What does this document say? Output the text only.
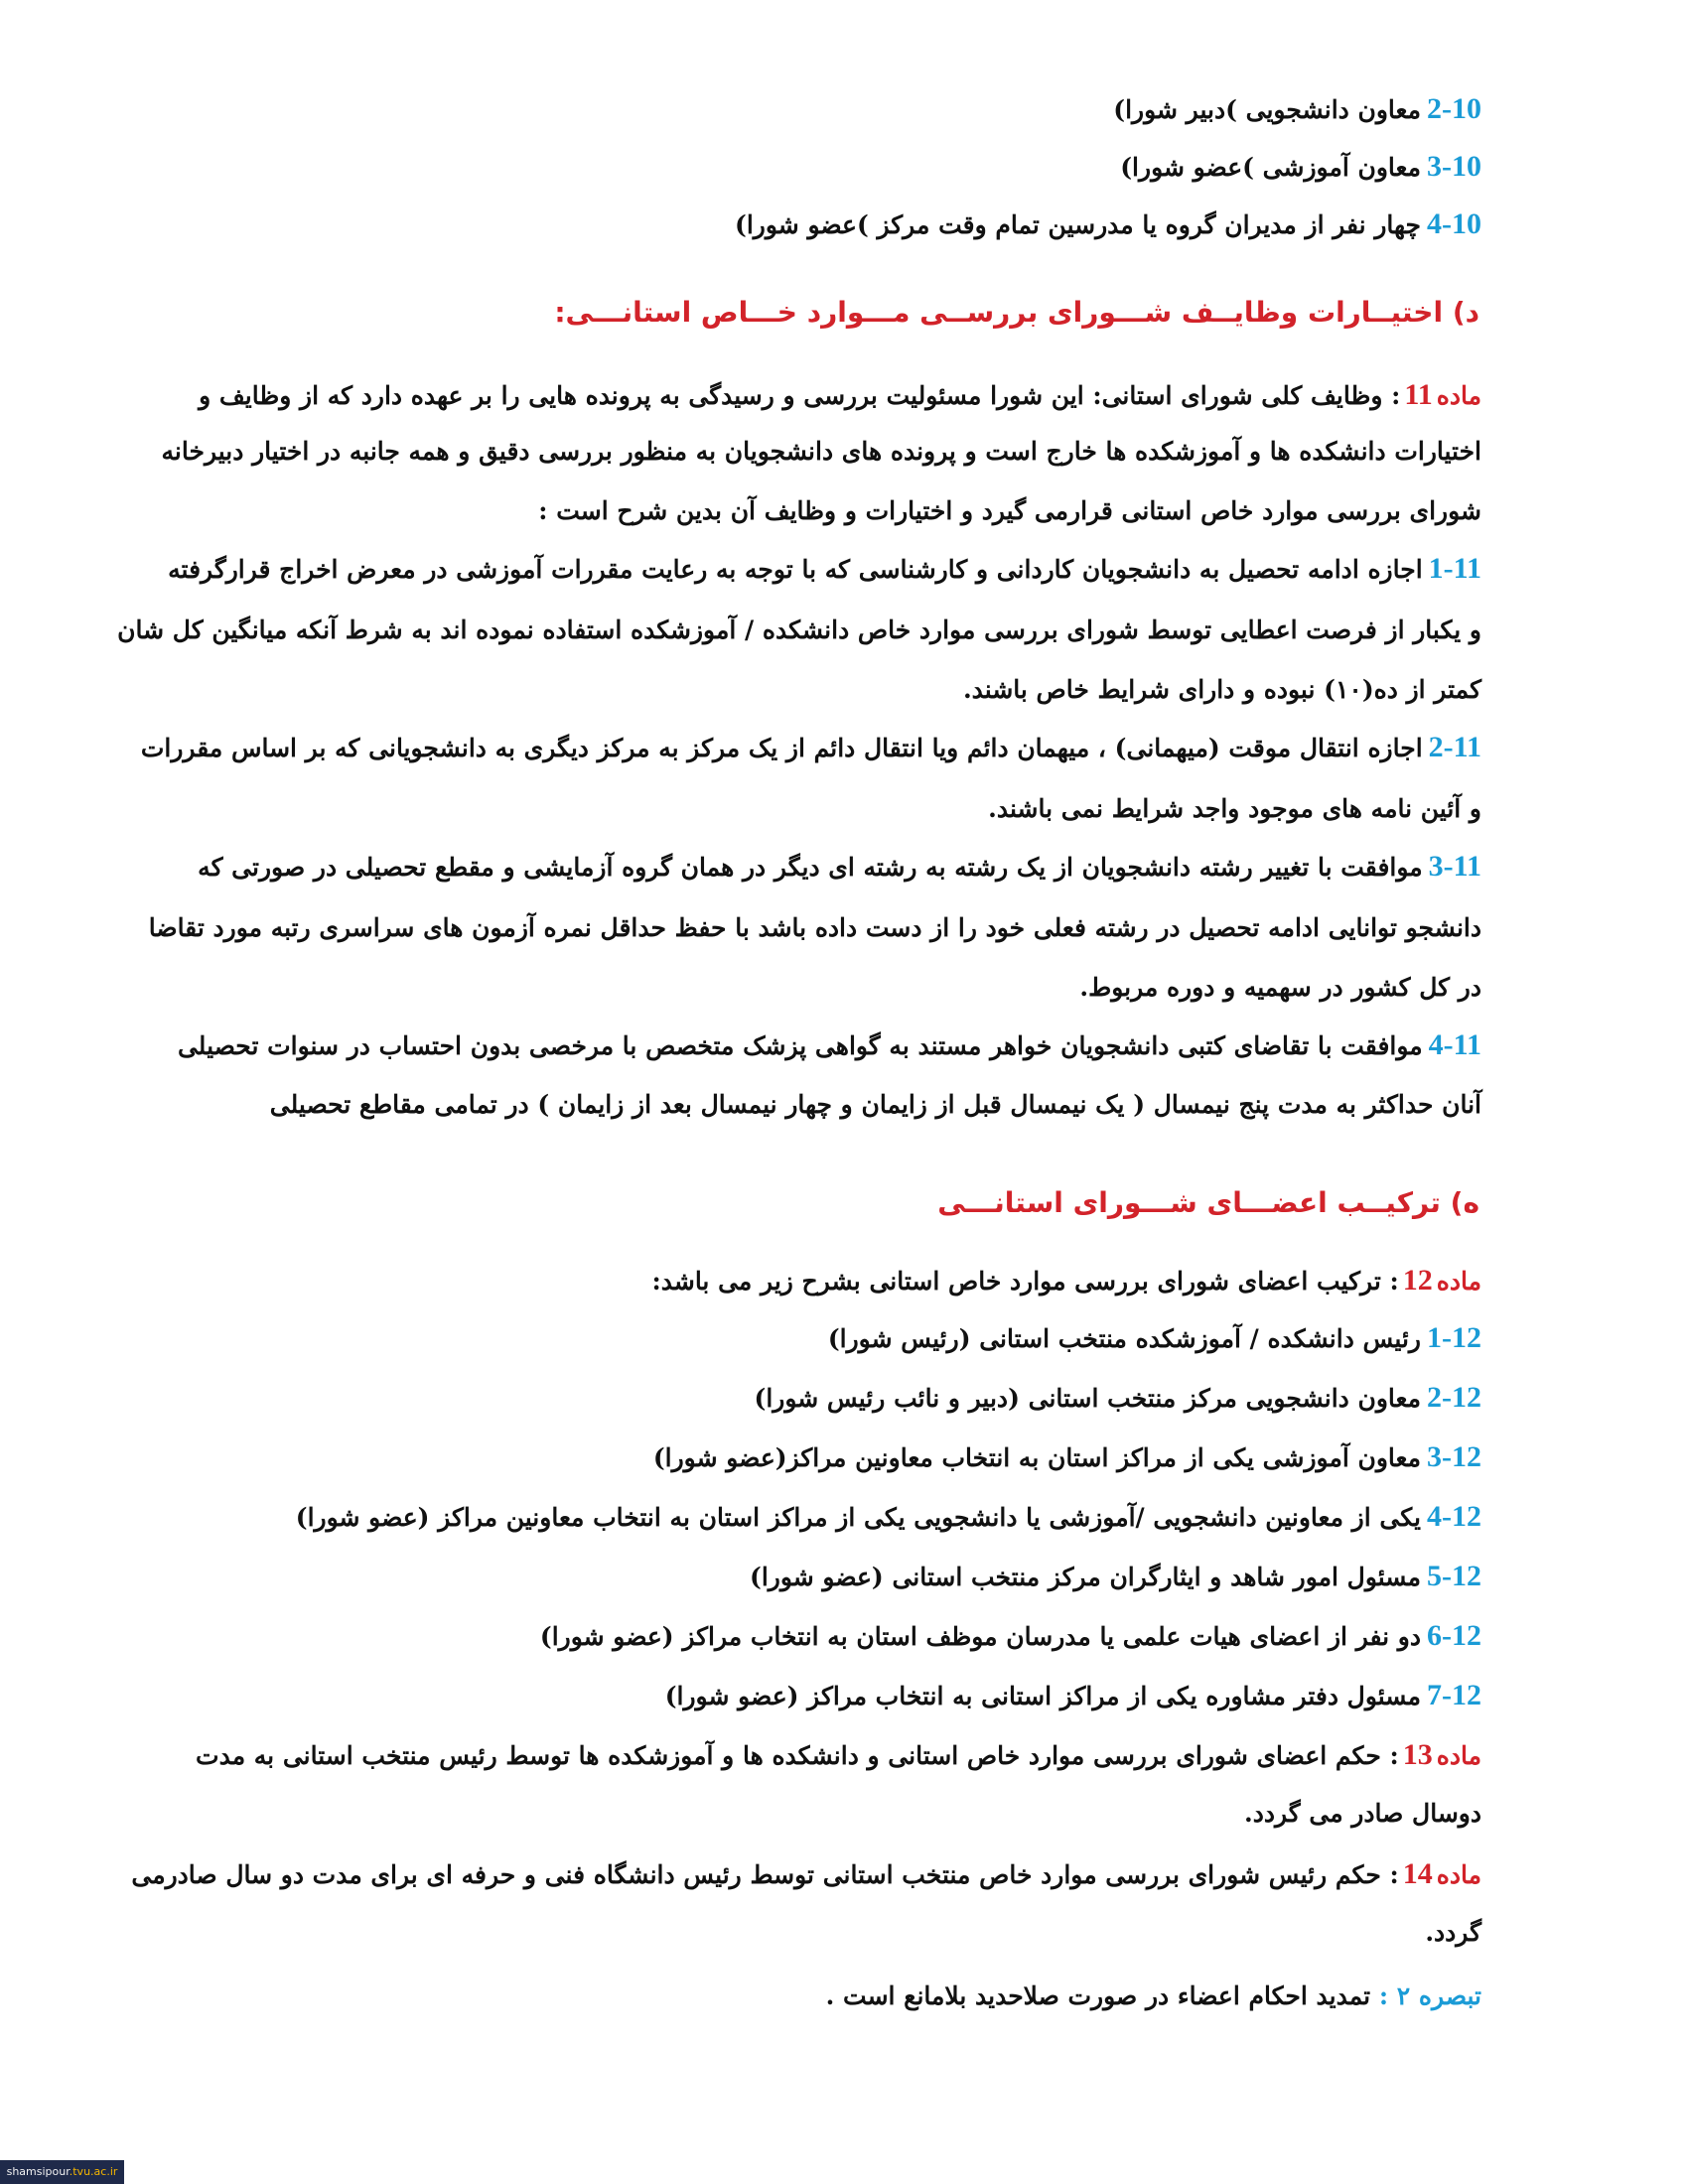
2-10معاون دانشجویی )دبیر شورا)
3-10معاون آموزشی )عضو شورا)
4-10چهار نفر از مدیران گروه یا مدرسین تمام وقت مرکز )عضو شورا)
د) اختیــارات وظایــف شـــورای بررســی مـــوارد خـــاص استانـــی:
ماده11: وظایف کلی شورای استانی: این شورا مسئولیت بررسی و رسیدگی به پرونده هایی را بر عهده دارد که از وظایف و
اختیارات دانشکده ها و آموزشکده ها خارج است و پرونده های دانشجویان به منظور بررسی دقیق و همه جانبه در اختیار دبیرخانه
شورای بررسی موارد خاص استانی قرارمی گیرد و اختیارات و وظایف آن بدین شرح است :
1-11اجازه ادامه تحصیل به دانشجویان کاردانی و کارشناسی که با توجه به رعایت مقررات آموزشی در معرض اخراج قرارگرفته
و یکبار از فرصت اعطایی توسط شورای بررسی موارد خاص دانشکده / آموزشکده استفاده نموده اند به شرط آنکه میانگین کل شان
کمتر از ده(۱۰) نبوده و دارای شرایط خاص باشند.
2-11اجازه انتقال موقت (میهمانی) ، میهمان دائم ویا انتقال دائم از یک مرکز به مرکز دیگری به دانشجویانی که بر اساس مقررات
و آئین نامه های موجود واجد شرایط نمی باشند.
3-11موافقت با تغییر رشته دانشجویان از یک رشته به رشته ای دیگر در همان گروه آزمایشی و مقطع تحصیلی در صورتی که
دانشجو توانایی ادامه تحصیل در رشته فعلی خود را از دست داده باشد با حفظ حداقل نمره آزمون های سراسری رتبه مورد تقاضا
در کل کشور در سهمیه و دوره مربوط.
4-11موافقت با تقاضای کتبی دانشجویان خواهر مستند به گواهی پزشک متخصص با مرخصی بدون احتساب در سنوات تحصیلی
آنان حداکثر به مدت پنج نیمسال ( یک نیمسال قبل از زایمان و چهار نیمسال بعد از زایمان ) در تمامی مقاطع تحصیلی
ه) ترکیــب اعضـــای شـــورای استانـــی
ماده12: ترکیب اعضای شورای بررسی موارد خاص استانی بشرح زیر می باشد:
1-12رئیس دانشکده / آموزشکده منتخب استانی (رئیس شورا)
2-12معاون دانشجویی مرکز منتخب استانی (دبیر و نائب رئیس شورا)
3-12معاون آموزشی یکی از مراکز استان به انتخاب معاونین مراکز(عضو شورا)
4-12یکی از معاونین دانشجویی /آموزشی یا دانشجویی یکی از مراکز استان به انتخاب معاونین مراکز (عضو شورا)
5-12مسئول امور شاهد و ایثارگران مرکز منتخب استانی (عضو شورا)
6-12دو نفر از اعضای هیات علمی یا مدرسان موظف استان به انتخاب مراکز (عضو شورا)
7-12مسئول دفتر مشاوره یکی از مراکز استانی به انتخاب مراکز (عضو شورا)
ماده13: حکم اعضای شورای بررسی موارد خاص استانی و دانشکده ها و آموزشکده ها توسط رئیس منتخب استانی به مدت
دوسال صادر می گردد.
ماده14: حکم رئیس شورای بررسی موارد خاص منتخب استانی توسط رئیس دانشگاه فنی و حرفه ای برای مدت دو سال صادرمی
گردد.
تبصره ۲ : تمدید احکام اعضاء در صورت صلاحدید بلامانع است .
shamsipour.tvu.ac.ir
